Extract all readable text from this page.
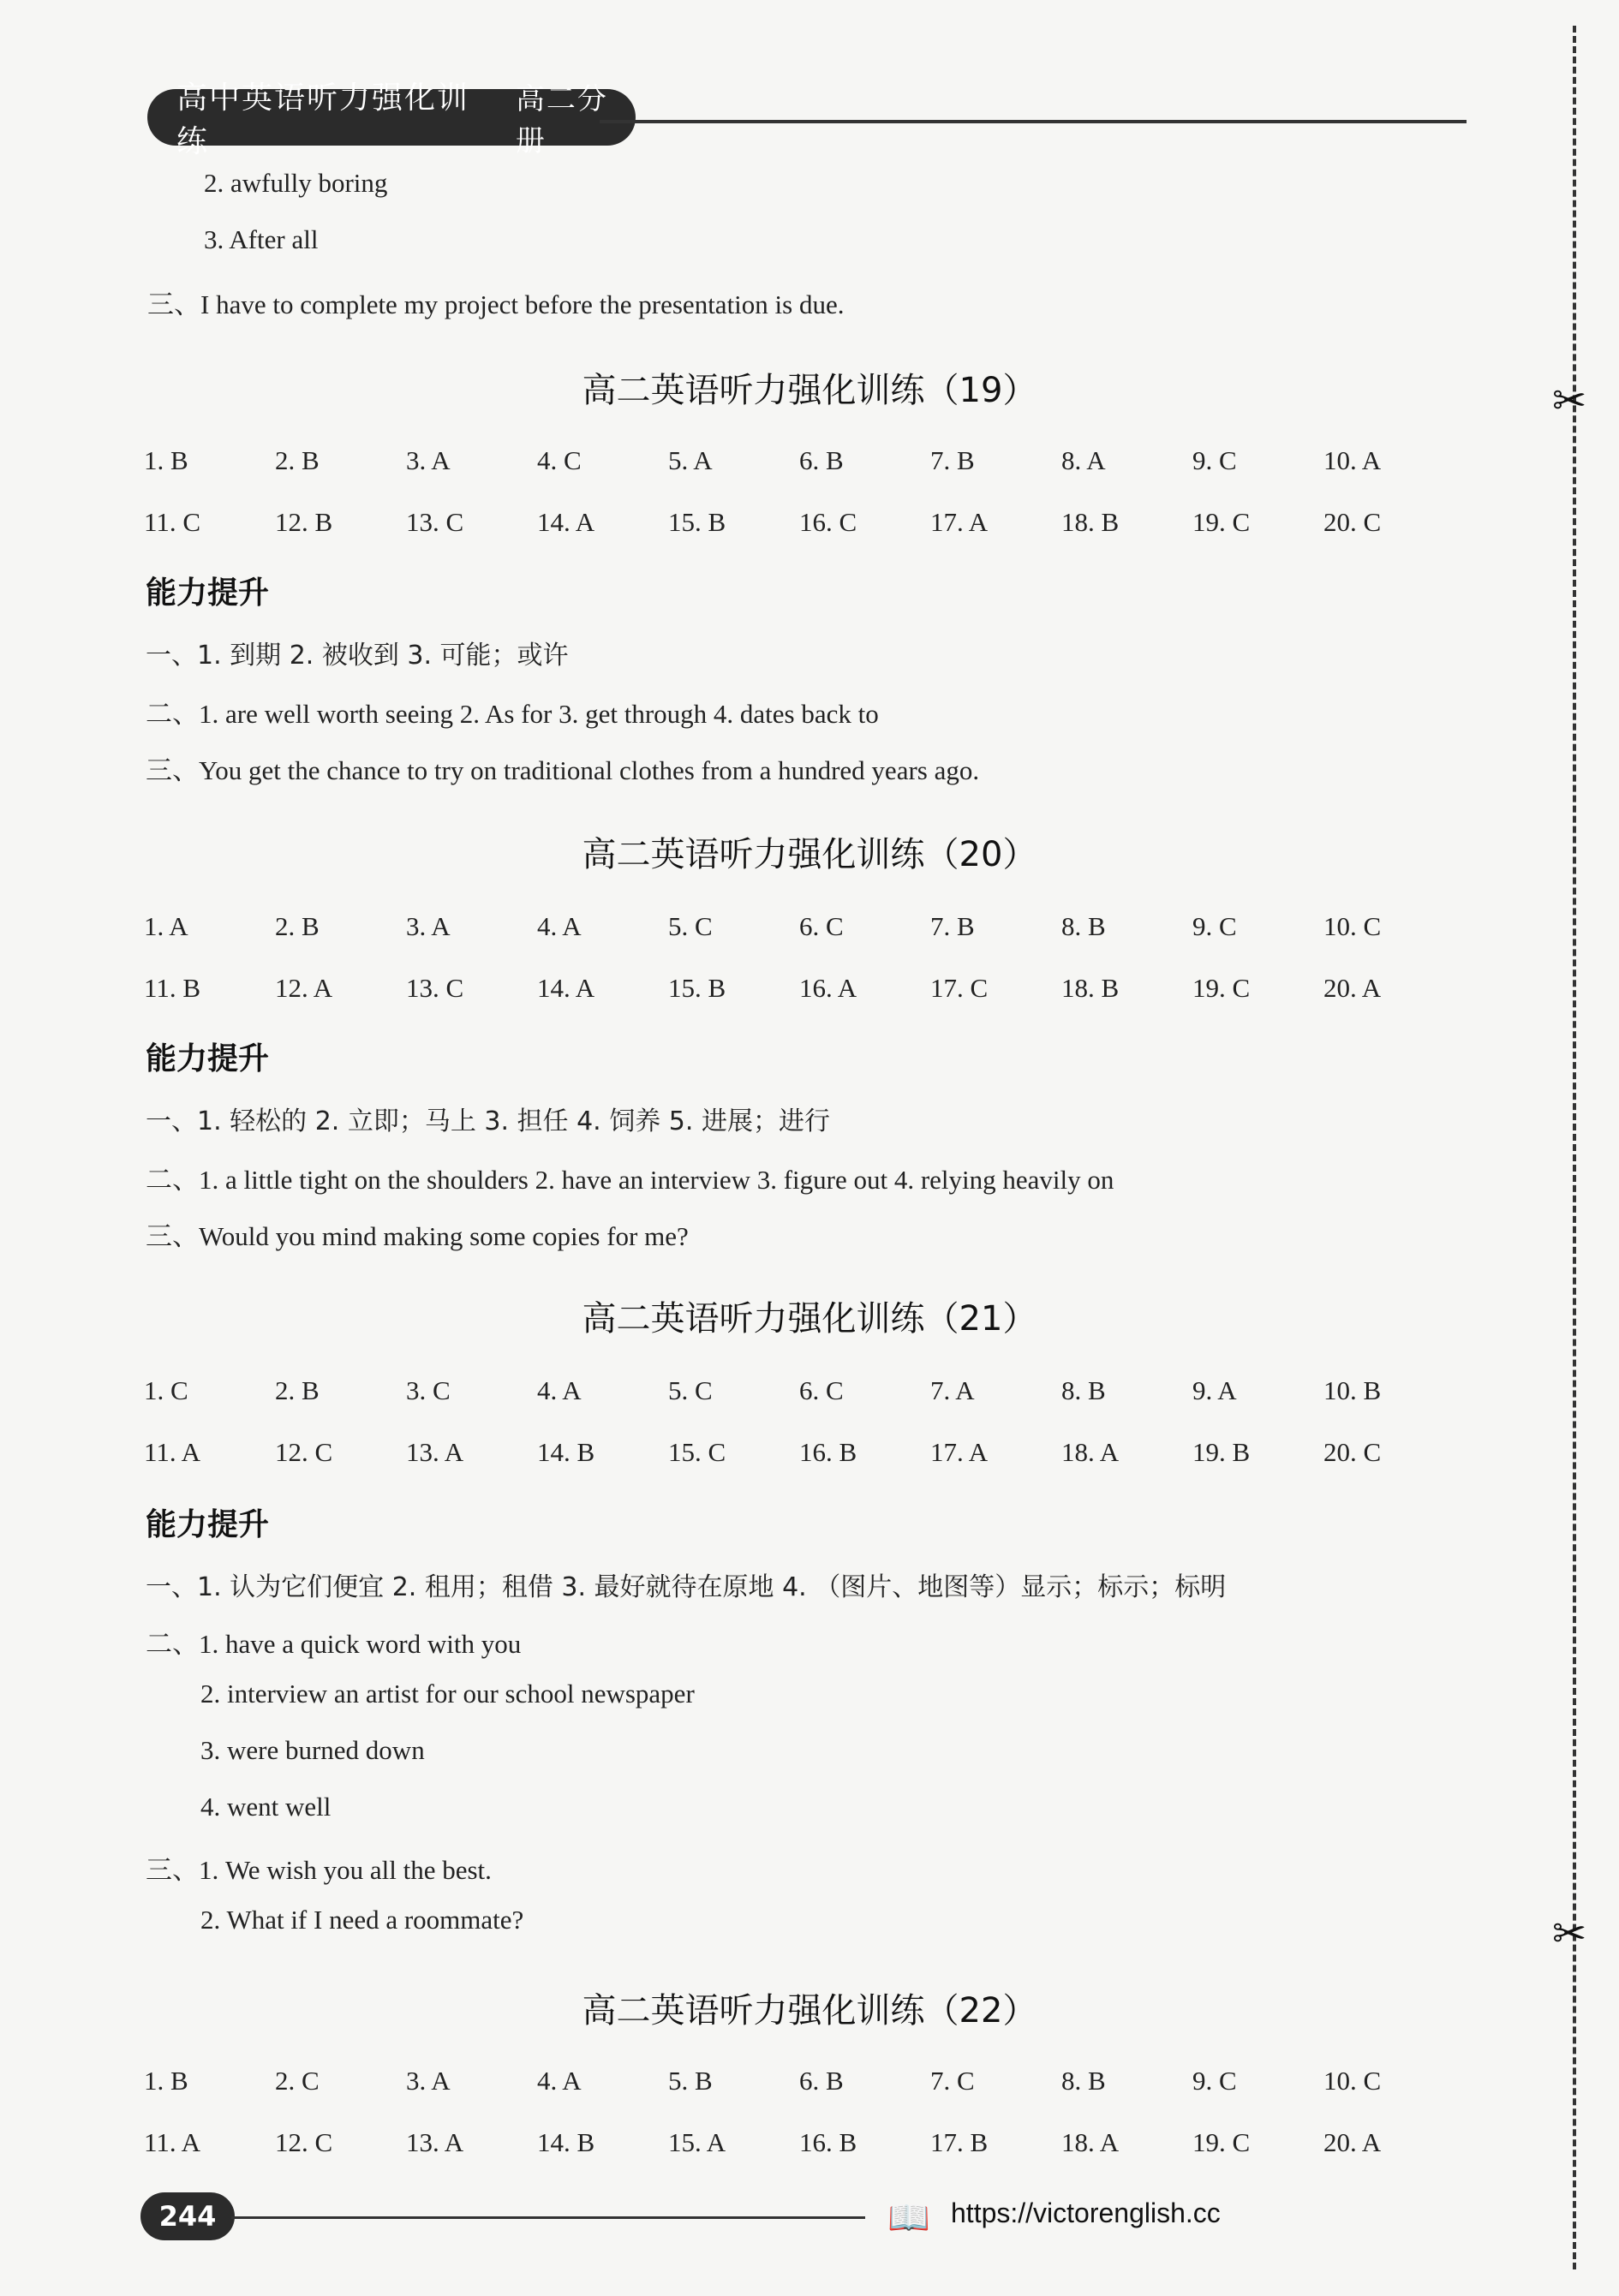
高中英语听力强化训练
高二分册
2. awfully boring
3. After all
三、I have to complete my project before the presentation is due.
高二英语听力强化训练（19）
1. B	2. B	3. A	4. C	5. A	6. B	7. B	8. A	9. C	10. A
11. C	12. B	13. C	14. A	15. B	16. C	17. A	18. B	19. C	20. C
能力提升
一、1. 到期 2. 被收到 3. 可能；或许
二、1. are well worth seeing 2. As for 3. get through 4. dates back to
三、You get the chance to try on traditional clothes from a hundred years ago.
高二英语听力强化训练（20）
1. A	2. B	3. A	4. A	5. C	6. C	7. B	8. B	9. C	10. C
11. B	12. A	13. C	14. A	15. B	16. A	17. C	18. B	19. C	20. A
能力提升
一、1. 轻松的 2. 立即；马上 3. 担任 4. 饲养 5. 进展；进行
二、1. a little tight on the shoulders 2. have an interview 3. figure out 4. relying heavily on
三、Would you mind making some copies for me?
高二英语听力强化训练（21）
1. C	2. B	3. C	4. A	5. C	6. C	7. A	8. B	9. A	10. B
11. A	12. C	13. A	14. B	15. C	16. B	17. A	18. A	19. B	20. C
能力提升
一、1. 认为它们便宜 2. 租用；租借 3. 最好就待在原地 4. （图片、地图等）显示；标示；标明
二、1. have a quick word with you
2. interview an artist for our school newspaper
3. were burned down
4. went well
三、1. We wish you all the best.
2. What if I need a roommate?
高二英语听力强化训练（22）
1. B	2. C	3. A	4. A	5. B	6. B	7. C	8. B	9. C	10. C
11. A	12. C	13. A	14. B	15. A	16. B	17. B	18. A	19. C	20. A
✂
✂
244	📖 https://victorenglish.cc
